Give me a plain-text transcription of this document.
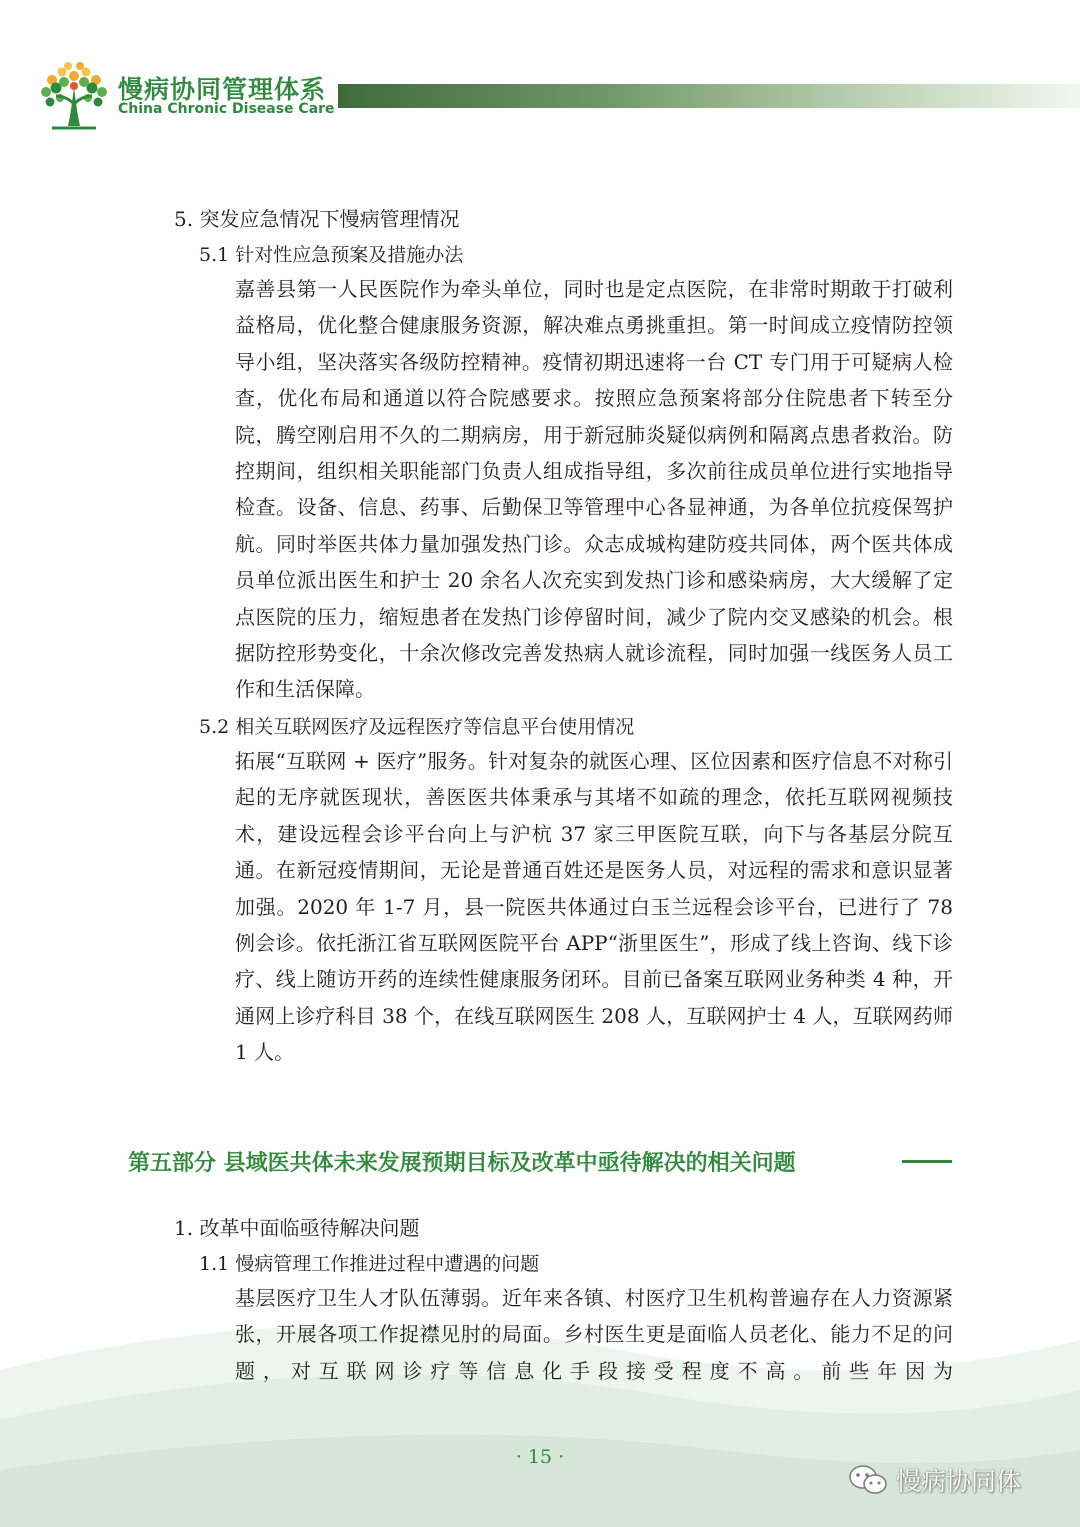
慢病协同管理体系
China Chronic Disease Care
5. 突发应急情况下慢病管理情况
5.1 针对性应急预案及措施办法
嘉善县第一人民医院作为牵头单位，同时也是定点医院，在非常时期敢于打破利益格局，优化整合健康服务资源，解决难点勇挑重担。第一时间成立疫情防控领导小组，坚决落实各级防控精神。疫情初期迅速将一台 CT 专门用于可疑病人检查，优化布局和通道以符合院感要求。按照应急预案将部分住院患者下转至分院，腾空刚启用不久的二期病房，用于新冠肺炎疑似病例和隔离点患者救治。防控期间，组织相关职能部门负责人组成指导组，多次前往成员单位进行实地指导检查。设备、信息、药事、后勤保卫等管理中心各显神通，为各单位抗疫保驾护航。同时举医共体力量加强发热门诊。众志成城构建防疫共同体，两个医共体成员单位派出医生和护士 20 余名人次充实到发热门诊和感染病房，大大缓解了定点医院的压力，缩短患者在发热门诊停留时间，减少了院内交叉感染的机会。根据防控形势变化，十余次修改完善发热病人就诊流程，同时加强一线医务人员工作和生活保障。
5.2 相关互联网医疗及远程医疗等信息平台使用情况
拓展“互联网 + 医疗”服务。针对复杂的就医心理、区位因素和医疗信息不对称引起的无序就医现状，善医医共体秉承与其堵不如疏的理念，依托互联网视频技术，建设远程会诊平台向上与沪杭 37 家三甲医院互联，向下与各基层分院互通。在新冠疫情期间，无论是普通百姓还是医务人员，对远程的需求和意识显著加强。2020 年 1-7 月，县一院医共体通过白玉兰远程会诊平台，已进行了 78 例会诊。依托浙江省互联网医院平台 APP“浙里医生”，形成了线上咨询、线下诊疗、线上随访开药的连续性健康服务闭环。目前已备案互联网业务种类 4 种，开通网上诊疗科目 38 个，在线互联网医生 208 人，互联网护士 4 人，互联网药师 1 人。
第五部分 县域医共体未来发展预期目标及改革中亟待解决的相关问题
1. 改革中面临亟待解决问题
1.1 慢病管理工作推进过程中遭遇的问题
基层医疗卫生人才队伍薄弱。近年来各镇、村医疗卫生机构普遍存在人力资源紧张，开展各项工作捉襟见肘的局面。乡村医生更是面临人员老化、能力不足的问题，对互联网诊疗等信息化手段接受程度不高。前些年因为
· 15 ·
慢病协同体
